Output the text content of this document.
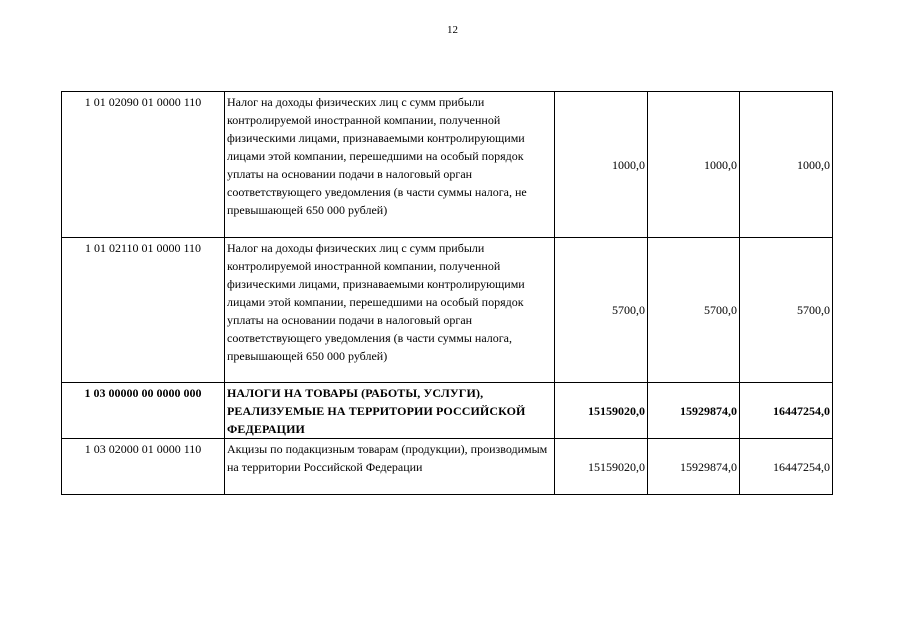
12
1 01 02090 01 0000 110	Налог на доходы физических лиц с сумм прибыли контролируемой иностранной компании, полученной физическими лицами, признаваемыми контролирующими лицами этой компании, перешедшими на особый порядок уплаты на основании подачи в налоговый орган соответствующего уведомления (в части суммы налога, не превышающей 650 000 рублей)	1000,0	1000,0	1000,0
1 01 02110 01 0000 110	Налог на доходы физических лиц с сумм прибыли контролируемой иностранной компании, полученной физическими лицами, признаваемыми контролирующими лицами этой компании, перешедшими на особый порядок уплаты на основании подачи в налоговый орган соответствующего уведомления (в части суммы налога, превышающей 650 000 рублей)	5700,0	5700,0	5700,0
1 03 00000 00 0000 000	НАЛОГИ НА ТОВАРЫ (РАБОТЫ, УСЛУГИ), РЕАЛИЗУЕМЫЕ НА ТЕРРИТОРИИ РОССИЙСКОЙ ФЕДЕРАЦИИ	15159020,0	15929874,0	16447254,0
1 03 02000 01 0000 110	Акцизы по подакцизным товарам (продукции), производимым на территории Российской Федерации	15159020,0	15929874,0	16447254,0
